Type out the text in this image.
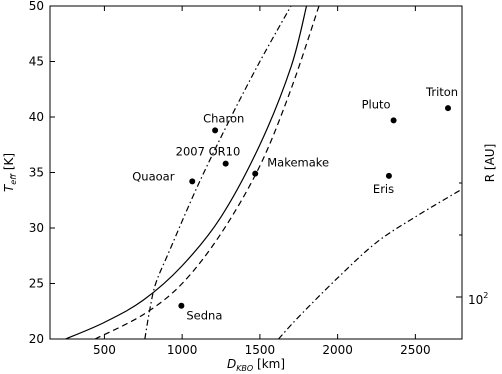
Charon
2007 OR10
Makemake
Quaoar
Pluto
Eris
Triton
Sedna
500	1000	1500	2000	2500
20
25
30
35
40
45
50
$D_{KBO}$ [km]
$T_{eff}$ [K]	R [AU]
$10^2$
